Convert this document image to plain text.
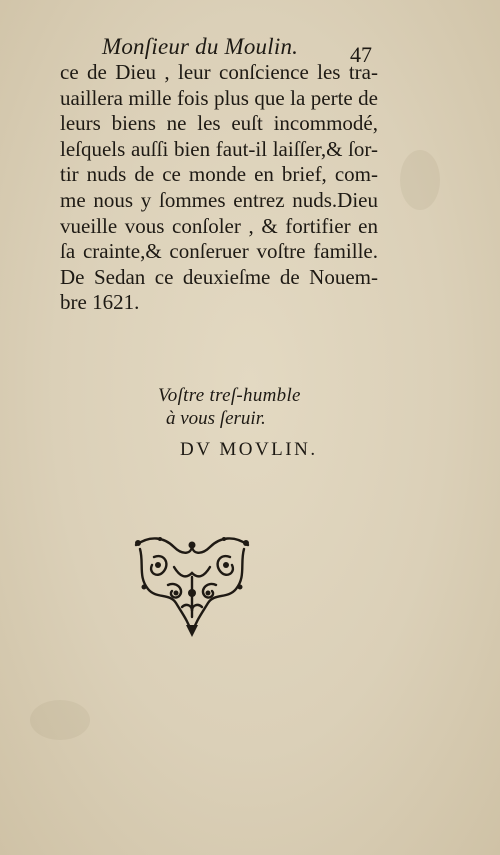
Monſieur du Moulin. 47
ce de Dieu , leur conſcience les tra-
uaillera mille fois plus que la perte de
leurs biens ne les euſt incommodé,
leſquels auſſi bien faut-il laiſſer,& ſor-
tir nuds de ce monde en brief, com-
me nous y ſommes entrez nuds.Dieu
vueille vous conſoler , & fortifier en
ſa crainte,& conſeruer voſtre famille.
De Sedan ce deuxieſme de Nouem-
bre 1621.
Voſtre treſ-humble
à vous ſeruir.
DV MOVLIN.
